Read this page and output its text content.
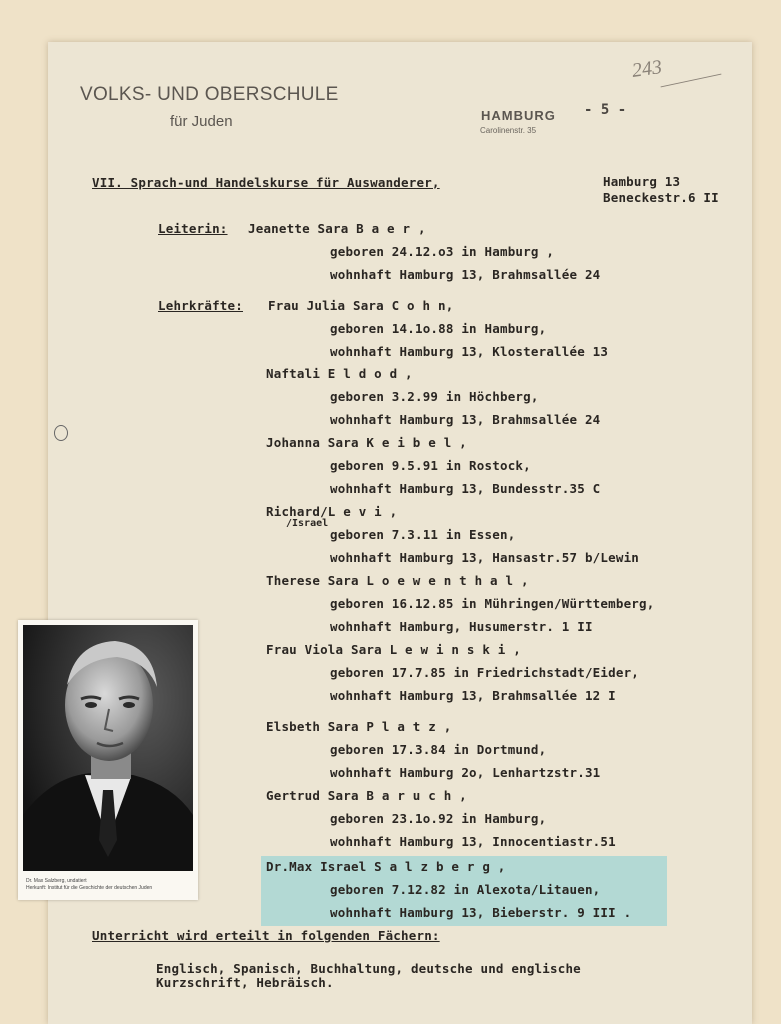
VOLKS- UND OBERSCHULE
für Juden	HAMBURG
Carolinenstr. 35
- 5 -
243
VII. Sprach-und Handelskurse für Auswanderer,	Hamburg 13
Beneckestr.6 II
Leiterin: Jeanette Sara B a e r ,
geboren 24.12.o3 in Hamburg ,
wohnhaft Hamburg 13, Brahmsallée 24
Lehrkräfte: Frau Julia Sara C o h n,
geboren 14.1o.88 in Hamburg,
wohnhaft Hamburg 13, Klosterallée 13
Naftali E l d o d ,
geboren 3.2.99 in Höchberg,
wohnhaft Hamburg 13, Brahmsallée 24
Johanna Sara K e i b e l ,
geboren 9.5.91 in Rostock,
wohnhaft Hamburg 13, Bundesstr.35 C
Richard/L e v i ,
/Israel
geboren 7.3.11 in Essen,
wohnhaft Hamburg 13, Hansastr.57 b/Lewin
Therese Sara L o e w e n t h a l ,
geboren 16.12.85 in Mühringen/Württemberg,
wohnhaft Hamburg, Husumerstr. 1 II
Frau Viola Sara L e w i n s k i ,
geboren 17.7.85 in Friedrichstadt/Eider,
wohnhaft Hamburg 13, Brahmsallée 12 I
Elsbeth Sara P l a t z ,
geboren 17.3.84 in Dortmund,
wohnhaft Hamburg 2o, Lenhartzstr.31
Gertrud Sara B a r u c h ,
geboren 23.1o.92 in Hamburg,
wohnhaft Hamburg 13, Innocentiastr.51
Dr.Max Israel S a l z b e r g ,
geboren 7.12.82 in Alexota/Litauen,
wohnhaft Hamburg 13, Bieberstr. 9 III .
Unterricht wird erteilt in folgenden Fächern:
Englisch, Spanisch, Buchhaltung, deutsche und englische
Kurzschrift, Hebräisch.
Dr. Max Salzberg, undatiert
Herkunft: Institut für die Geschichte der deutschen Juden
